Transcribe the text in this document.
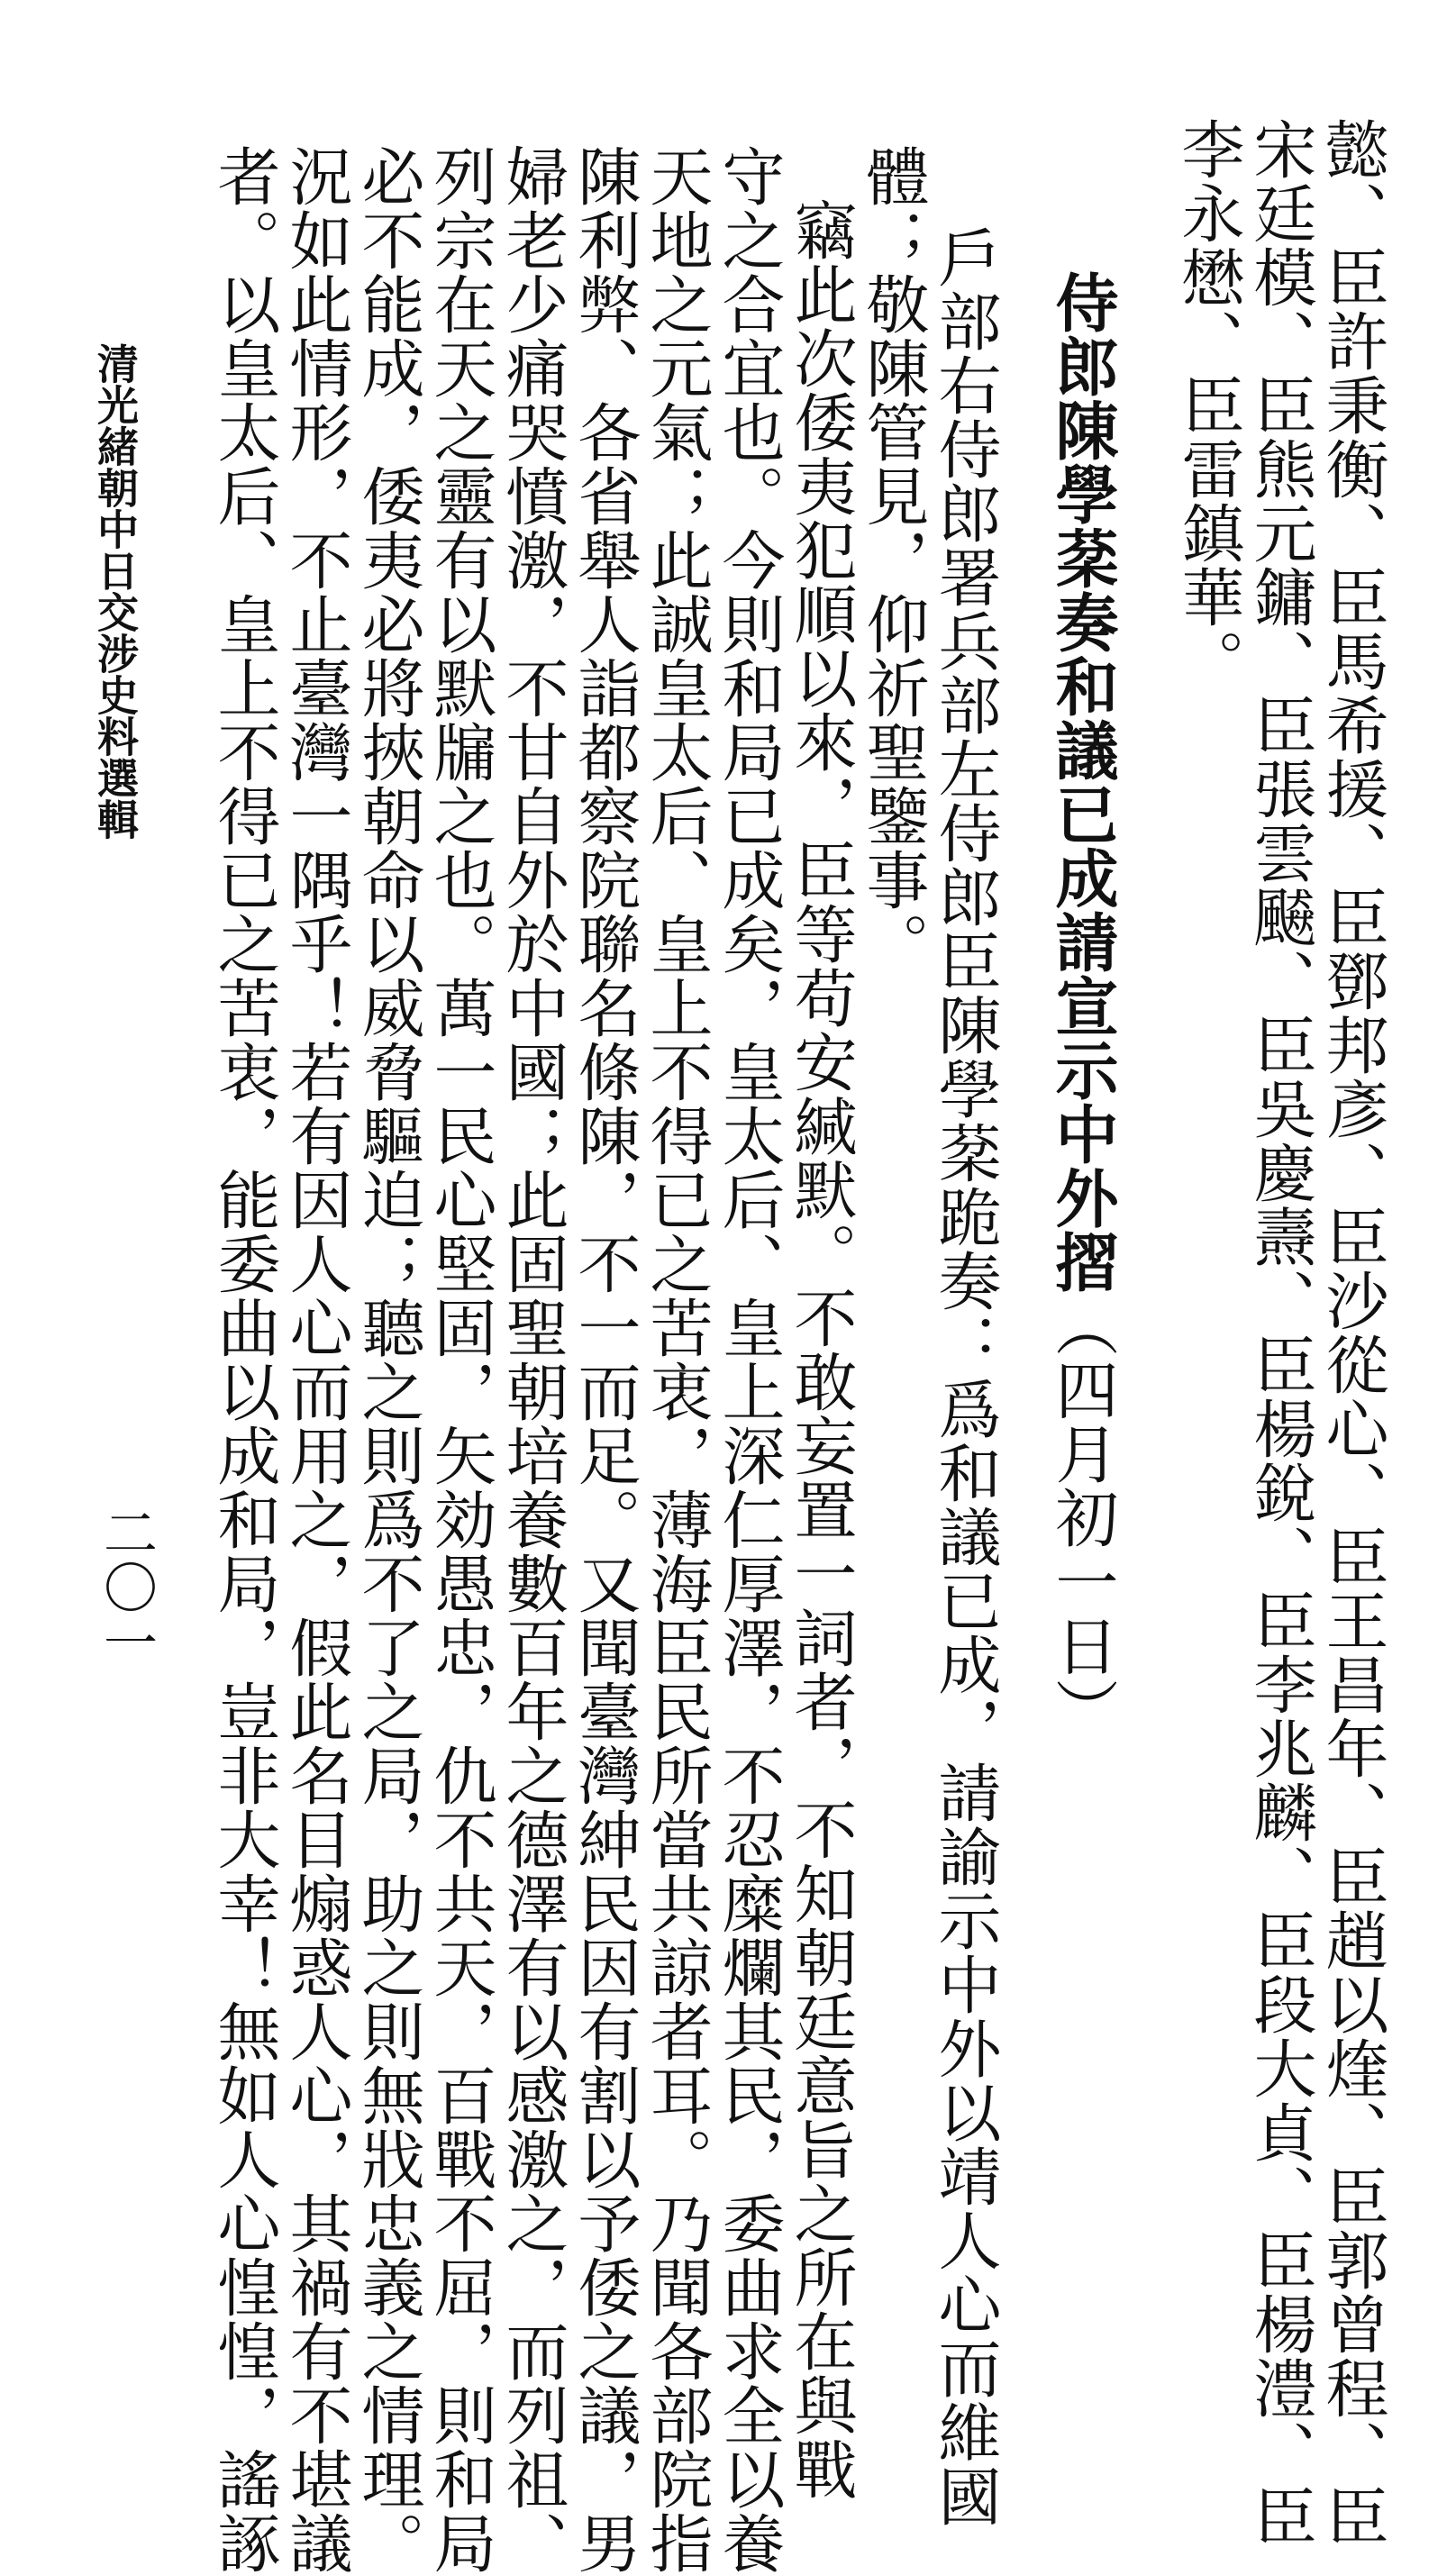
懿、臣許秉衡、臣馬希援、臣鄧邦彥、臣沙從心、臣王昌年、臣趙以煃、臣郭曾程、臣
宋廷模、臣熊元鏞、臣張雲飇、臣吳慶燾、臣楊銳、臣李兆麟、臣段大貞、臣楊澧、臣
李永懋、臣雷鎮華。
侍郎陳學棻奏和議已成請宣示中外摺（四月初一日）
戶部右侍郎署兵部左侍郎臣陳學棻跪奏：爲和議已成，請諭示中外以靖人心而維國
體；敬陳管見，仰祈聖鑒事。
竊此次倭夷犯順以來，臣等苟安緘默。不敢妄置一詞者，不知朝廷意旨之所在與戰
守之合宜也。今則和局已成矣，皇太后、皇上深仁厚澤，不忍糜爛其民，委曲求全以養
天地之元氣；此誠皇太后、皇上不得已之苦衷，薄海臣民所當共諒者耳。乃聞各部院指
陳利弊、各省舉人詣都察院聯名條陳，不一而足。又聞臺灣紳民因有割以予倭之議，男
婦老少痛哭憤激，不甘自外於中國；此固聖朝培養數百年之德澤有以感激之，而列祖、
列宗在天之靈有以默牖之也。萬一民心堅固，矢効愚忠，仇不共天，百戰不屈，則和局
必不能成，倭夷必將挾朝命以威脅驅迫；聽之則爲不了之局，助之則無戕忠義之情理。
況如此情形，不止臺灣一隅乎！若有因人心而用之，假此名目煽惑人心，其禍有不堪議
者。以皇太后、皇上不得已之苦衷，能委曲以成和局，豈非大幸！無如人心惶惶，謠諑
清光緒朝中日交涉史料選輯
二〇一
